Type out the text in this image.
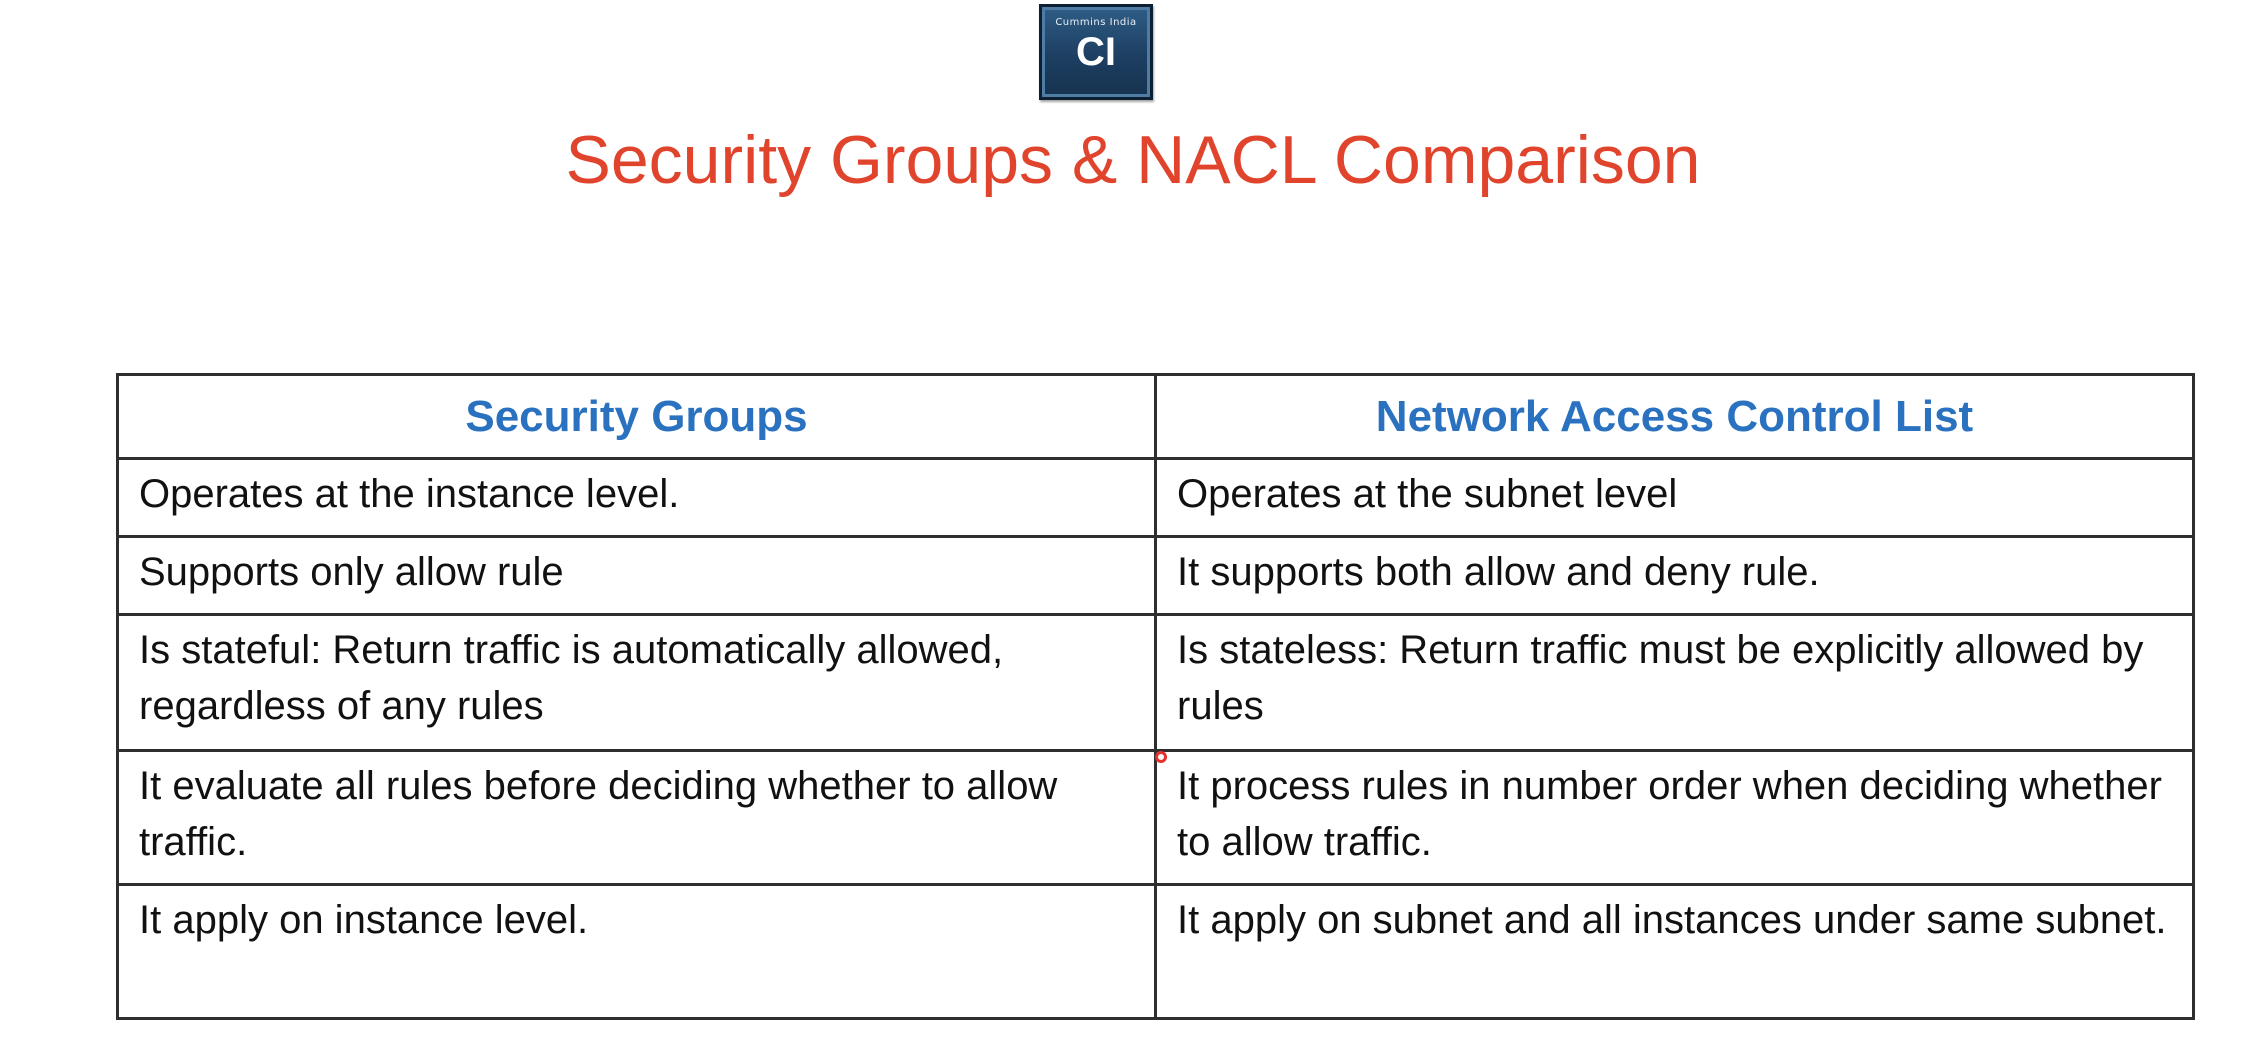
Cummins India
CI
Security Groups & NACL Comparison
Security Groups	Network Access Control List
Operates at the instance level.	Operates at the subnet level
Supports only allow rule	It supports both allow and deny rule.
Is stateful: Return traffic is automatically allowed, regardless of any rules	Is stateless: Return traffic must be explicitly allowed by rules
It evaluate all rules before deciding whether to allow traffic.	It process rules in number order when deciding whether to allow traffic.
It apply on instance level.	It apply on subnet and all instances under same subnet.
